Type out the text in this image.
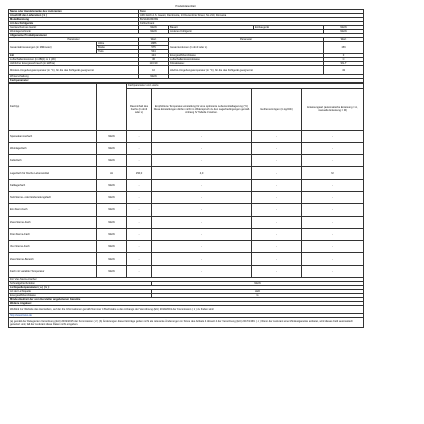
Produktdatenblatt
Name oder Handelsmarke des Lieferanten		Beko			
Anschrift des Lieferanten ( b )		ARC ELIK A.S. Gaesti, Dambovita, 13 Decembrie Street, No 210, Romania			
Modellkennung		BLSA310M3SN			
Art des Kühlgeräts		Kühlschrank			
Geräuscharmes Gerät:		NEIN	Bauart	Einbaugerät	NEIN
Weinlagerschrank		NEIN	Anderes Kühlgerät		NEIN
Allgemeine Produktparameter					
Parameter		Wert	Parameter		Wert
Gesamtabmessungen (in Millimeter)	Höhe	1886	Gesamtvolumen (in dm3 oder L)		156
	Breite	575			
	Tiefe	544			
EEI		124	Energieeffizienzklasse		F
Luftschallemissionen (in dB(A) re 1 pW)		36	Luftschallemissionsklasse		C
Jährlicher Energieverbrauch (in kWh/a)		116.99	Klimaklasse:		SN-T
Mindest-Umgebungstemperatur (in °C), für die das Kühlgerät geeignet ist		10	Höchst-Umgebungstemperatur (in °C), für die das Kühlgerät geeignet ist		43
Winterschaltung		NEIN			
Fachparameter					
Fachtyp		Fachparameter und -werte			
		Rauminhalt des Fachs (in dm3 oder L)	Empfohlene Temperatur-einstellung für eine optimierte Lebensmittellagerung (°C) Diese Einstellungen dürfen nicht im Widerspruch zu den Lagerbedingungen gemäß Anhang IV Tabelle 3 stehen.	Gefriervermögen (in kg/24h)	Enteisungsart (automatische Enteisung = A, manuelle Enteisung = M)
Speisekammerfach	NEIN	-	-	-	-
Weinlagerfach	NEIN	-	-	-	-
Kellerfach	NEIN	-	-	-	-
Lagerfach für frische Lebensmittel	JA	156,0	4,0	-	M
Kaltlagerfach	NEIN	-	-	-	-
Null-Sterne- oder Eisbereitungsfach	NEIN	-	-	-	-
Ein-Stern-Fach	NEIN	-	-	-	-
Zwei-Sterne-Fach	NEIN	-	-	-	-
Drei-Sterne-Fach	NEIN	-	-	-	-
Vier-Sterne-Fach	NEIN	-	-	-	-
Zwei-Sterne-Bereich	NEIN	-	-	-	-
Fach mit variabler Temperatur	NEIN	-	-	-	-
Für Vier-Sterne-Fächer					
Schnellgefrierfunktion			NEIN		
Lichtquellenparameter ( a ) ( b ):					
Art der Lichtquelle			LED		
Energieeffizienzklasse			G		
Mindestlaufzeit der vom Hersteller angebotenen Garantie					
Weitere Angaben:					
Weblink zur Website des Herstellers, auf der die Informationen gemäß Nummer 4 Buchstabe a des Anhangs der Verordnung (EU) 2019/2019 der Kommission ( 1 ) zu finden sind:					
http://www.beko.de					
(a) gemäß der Delegierten Verordnung (EU) 2019/2015 der Kommission ( 2 ) (b) Änderungen dieser Einträge gelten nicht als relevante Änderungen im Sinne des Artikels 4 Absatz 4 der Verordnung (EU) 2017/1369. ( c ) Wenn der Lieferant eine Mindestgarantie anbietet, wird dieses Feld automatisch generiert und, fall der Lieferant diese Daten nicht eingeben.					
